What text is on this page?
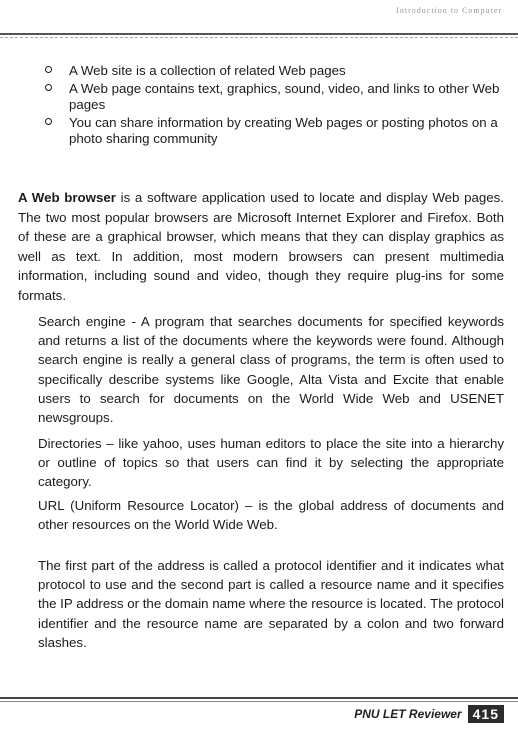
Introduction to Computer
A Web site is a collection of related Web pages
A Web page contains text, graphics, sound, video, and links to other Web pages
You can share information by creating Web pages or posting photos on a photo sharing community

A Web browser is a software application used to locate and display Web pages. The two most popular browsers are Microsoft Internet Explorer and Firefox. Both of these are a graphical browser, which means that they can display graphics as well as text. In addition, most modern browsers can present multimedia information, including sound and video, though they require plug-ins for some formats.

Search engine - A program that searches documents for specified keywords and returns a list of the documents where the keywords were found. Although search engine is really a general class of programs, the term is often used to specifically describe systems like Google, Alta Vista and Excite that enable users to search for documents on the World Wide Web and USENET newsgroups.

Directories – like yahoo, uses human editors to place the site into a hierarchy or outline of topics so that users can find it by selecting the appropriate category.

URL (Uniform Resource Locator) – is the global address of documents and other resources on the World Wide Web.

The first part of the address is called a protocol identifier and it indicates what protocol to use and the second part is called a resource name and it specifies the IP address or the domain name where the resource is located. The protocol identifier and the resource name are separated by a colon and two forward slashes.

PNU LET Reviewer 415
